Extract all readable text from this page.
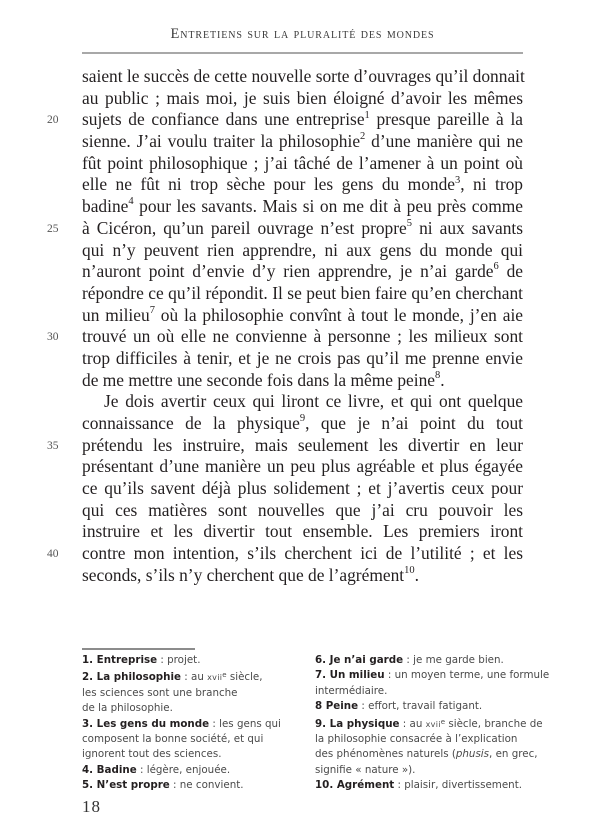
Entretiens sur la pluralité des mondes
saient le succès de cette nouvelle sorte d’ouvrages qu’il donnait
au public ; mais moi, je suis bien éloigné d’avoir les mêmes
sujets de confiance dans une entreprise$^1$ presque pareille à la
sienne. J’ai voulu traiter la philosophie$^2$ d’une manière qui ne
fût point philosophique ; j’ai tâché de l’amener à un point où
elle ne fût ni trop sèche pour les gens du monde$^3$, ni trop
badine$^4$ pour les savants. Mais si on me dit à peu près comme
à Cicéron, qu’un pareil ouvrage n’est propre$^5$ ni aux savants
qui n’y peuvent rien apprendre, ni aux gens du monde qui
n’auront point d’envie d’y rien apprendre, je n’ai garde$^6$ de
répondre ce qu’il répondit. Il se peut bien faire qu’en cherchant
un milieu$^7$ où la philosophie convînt à tout le monde, j’en aie
trouvé un où elle ne convienne à personne ; les milieux sont
trop difficiles à tenir, et je ne crois pas qu’il me prenne envie
de me mettre une seconde fois dans la même peine$^8$.
Je dois avertir ceux qui liront ce livre, et qui ont quelque
connaissance de la physique$^9$, que je n’ai point du tout
prétendu les instruire, mais seulement les divertir en leur
présentant d’une manière un peu plus agréable et plus égayée
ce qu’ils savent déjà plus solidement ; et j’avertis ceux pour
qui ces matières sont nouvelles que j’ai cru pouvoir les
instruire et les divertir tout ensemble. Les premiers iront
contre mon intention, s’ils cherchent ici de l’utilité ; et les
seconds, s’ils n’y cherchent que de l’agrément$^{10}$.
20
25
30
35
40
1. Entreprise : projet.
2. La philosophie : au xvii$^e$ siècle,
les sciences sont une branche
de la philosophie.
3. Les gens du monde : les gens qui
composent la bonne société, et qui
ignorent tout des sciences.
4. Badine : légère, enjouée.
5. N’est propre : ne convient.
6. Je n’ai garde : je me garde bien.
7. Un milieu : un moyen terme, une formule
intermédiaire.
8 Peine : effort, travail fatigant.
9. La physique : au xvii$^e$ siècle, branche de
la philosophie consacrée à l’explication
des phénomènes naturels (phusis, en grec,
signifie « nature »).
10. Agrément : plaisir, divertissement.
18
